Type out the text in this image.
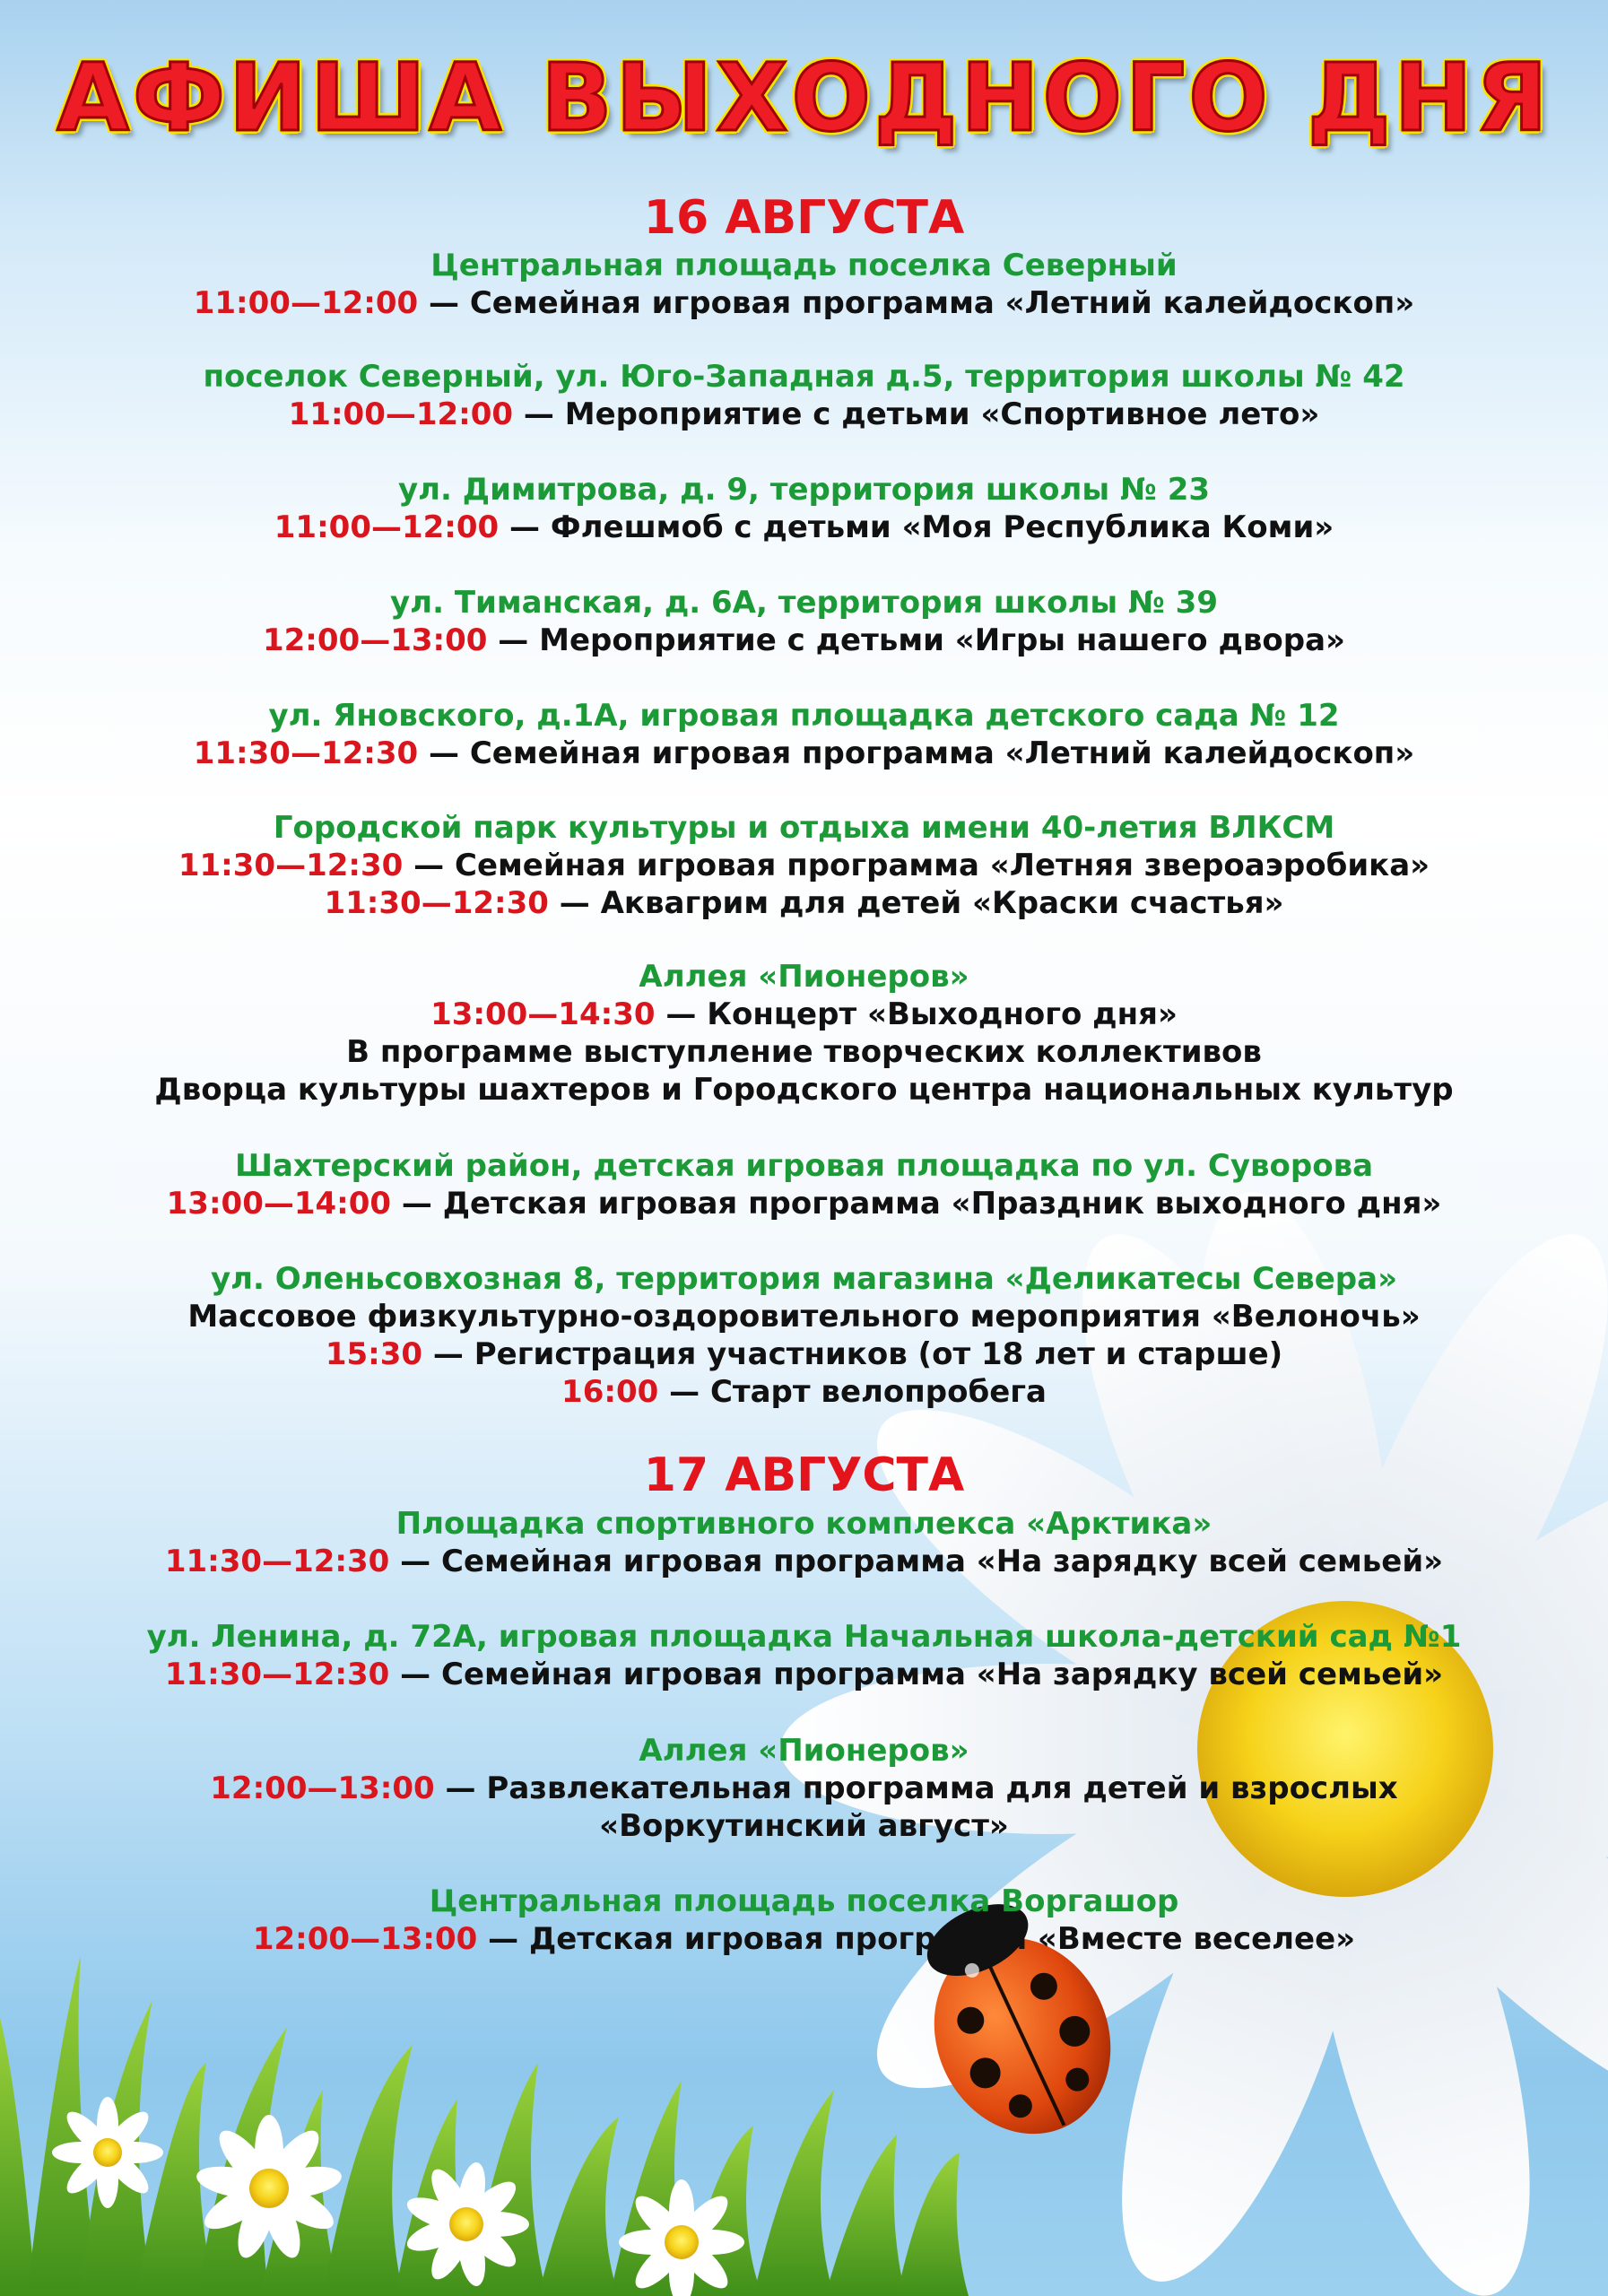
АФИША ВЫХОДНОГО ДНЯ
16 АВГУСТА
Центральная площадь поселка Северный
11:00—12:00 — Семейная игровая программа «Летний калейдоскоп»
поселок Северный, ул. Юго-Западная д.5, территория школы № 42
11:00—12:00 — Мероприятие с детьми «Спортивное лето»
ул. Димитрова, д. 9, территория школы № 23
11:00—12:00 — Флешмоб с детьми «Моя Республика Коми»
ул. Тиманская, д. 6А, территория школы № 39
12:00—13:00 — Мероприятие с детьми «Игры нашего двора»
ул. Яновского, д.1А, игровая площадка детского сада № 12
11:30—12:30 — Семейная игровая программа «Летний калейдоскоп»
Городской парк культуры и отдыха имени 40-летия ВЛКСМ
11:30—12:30 — Семейная игровая программа «Летняя звероаэробика»
11:30—12:30 — Аквагрим для детей «Краски счастья»
Аллея «Пионеров»
13:00—14:30 — Концерт «Выходного дня»
В программе выступление творческих коллективов
Дворца культуры шахтеров и Городского центра национальных культур
Шахтерский район, детская игровая площадка по ул. Суворова
13:00—14:00 — Детская игровая программа «Праздник выходного дня»
ул. Оленьсовхозная 8, территория магазина «Деликатесы Севера»
Массовое физкультурно-оздоровительного мероприятия «Велоночь»
15:30 — Регистрация участников (от 18 лет и старше)
16:00 — Старт велопробега
17 АВГУСТА
Площадка спортивного комплекса «Арктика»
11:30—12:30 — Семейная игровая программа «На зарядку всей семьей»
ул. Ленина, д. 72А, игровая площадка Начальная школа-детский сад №1
11:30—12:30 — Семейная игровая программа «На зарядку всей семьей»
Аллея «Пионеров»
12:00—13:00 — Развлекательная программа для детей и взрослых
«Воркутинский август»
Центральная площадь поселка Воргашор
12:00—13:00 — Детская игровая программа «Вместе веселее»
